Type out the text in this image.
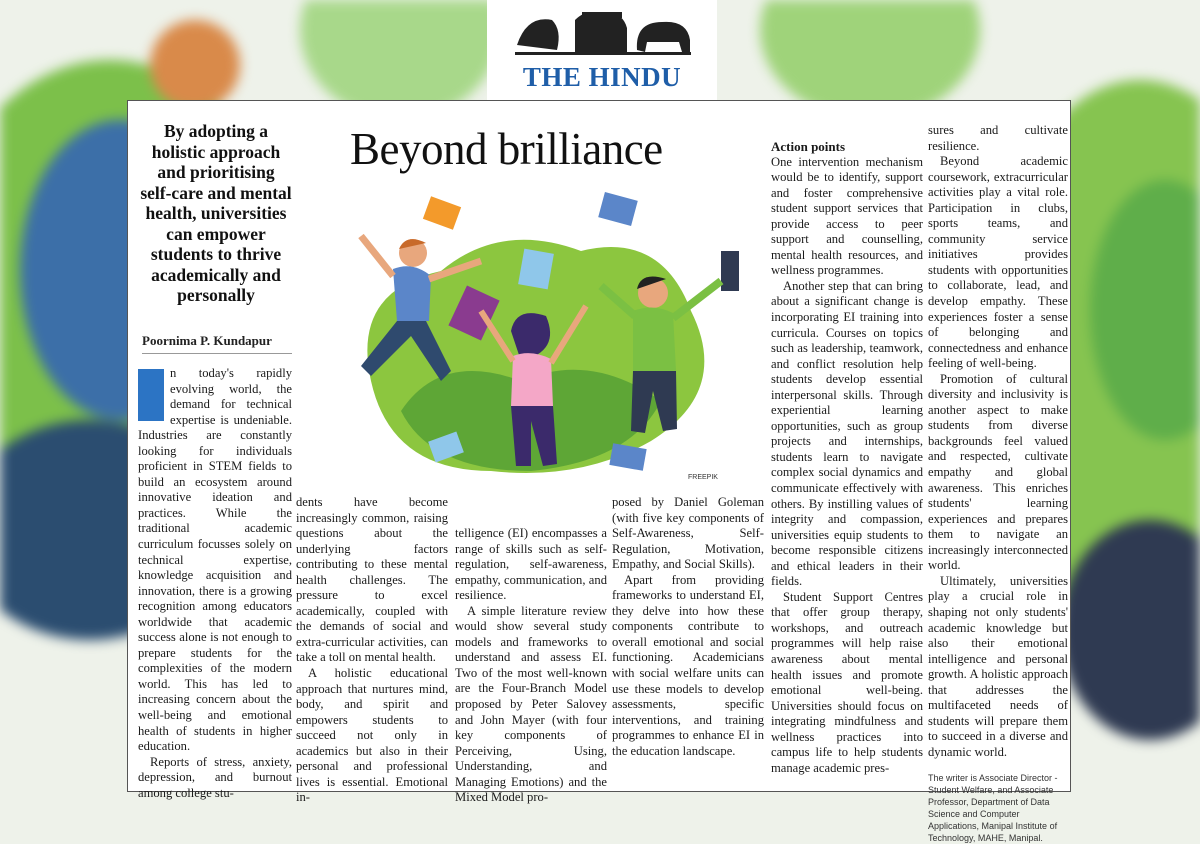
THE HINDU
By adopting a holistic approach and prioritising self-care and mental health, universities can empower students to thrive academically and personally
Poornima P. Kundapur
Beyond brilliance
FREEPIK

n today's rapidly evolving world, the demand for technical expertise is undeniable. Industries are constantly looking for individuals proficient in STEM fields to build an ecosystem around innovative ideation and practices. While the traditional academic curriculum focusses solely on technical expertise, knowledge acquisition and innovation, there is a growing recognition among educators worldwide that academic success alone is not enough to prepare students for the complexities of the modern world. This has led to increasing concern about the well-being and emotional health of students in higher education.

Reports of stress, anxiety, depression, and burnout among college stu-

dents have become increasingly common, raising questions about the underlying factors contributing to these mental health challenges. The pressure to excel academically, coupled with the demands of social and extra-curricular activities, can take a toll on mental health.

A holistic educational approach that nurtures mind, body, and spirit and empowers students to succeed not only in academics but also in their personal and professional lives is essential. Emotional in-

telligence (EI) encompasses a range of skills such as self-regulation, self-awareness, empathy, communication, and resilience.

A simple literature review would show several study models and frameworks to understand and assess EI. Two of the most well-known are the Four-Branch Model proposed by Peter Salovey and John Mayer (with four key components of Perceiving, Using, Understanding, and Managing Emotions) and the Mixed Model pro-

posed by Daniel Goleman (with five key components of Self-Awareness, Self-Regulation, Motivation, Empathy, and Social Skills).

Apart from providing frameworks to understand EI, they delve into how these components contribute to overall emotional and social functioning. Academicians with social welfare units can use these models to develop assessments, specific interventions, and training programmes to enhance EI in the education landscape.

Action points

One intervention mechanism would be to identify, support and foster comprehensive student support services that provide access to peer support and counselling, mental health resources, and wellness programmes.

Another step that can bring about a significant change is incorporating EI training into curricula. Courses on topics such as leadership, teamwork, and conflict resolution help students develop essential interpersonal skills. Through experiential learning opportunities, such as group projects and internships, students learn to navigate complex social dynamics and communicate effectively with others. By instilling values of integrity and compassion, universities equip students to become responsible citizens and ethical leaders in their fields.

Student Support Centres that offer group therapy, workshops, and outreach programmes will help raise awareness about mental health issues and promote emotional well-being. Universities should focus on integrating mindfulness and wellness practices into campus life to help students manage academic pres-

sures and cultivate resilience.

Beyond academic coursework, extracurricular activities play a vital role. Participation in clubs, sports teams, and community service initiatives provides students with opportunities to collaborate, lead, and develop empathy. These experiences foster a sense of belonging and connectedness and enhance feeling of well-being.

Promotion of cultural diversity and inclusivity is another aspect to make students from diverse backgrounds feel valued and respected, cultivate empathy and global awareness. This enriches students' learning experiences and prepares them to navigate an increasingly interconnected world.

Ultimately, universities play a crucial role in shaping not only students' academic knowledge but also their emotional intelligence and personal growth. A holistic approach that addresses the multifaceted needs of students will prepare them to succeed in a diverse and dynamic world.

The writer is Associate Director - Student Welfare, and Associate Professor, Department of Data Science and Computer Applications, Manipal Institute of Technology, MAHE, Manipal.
